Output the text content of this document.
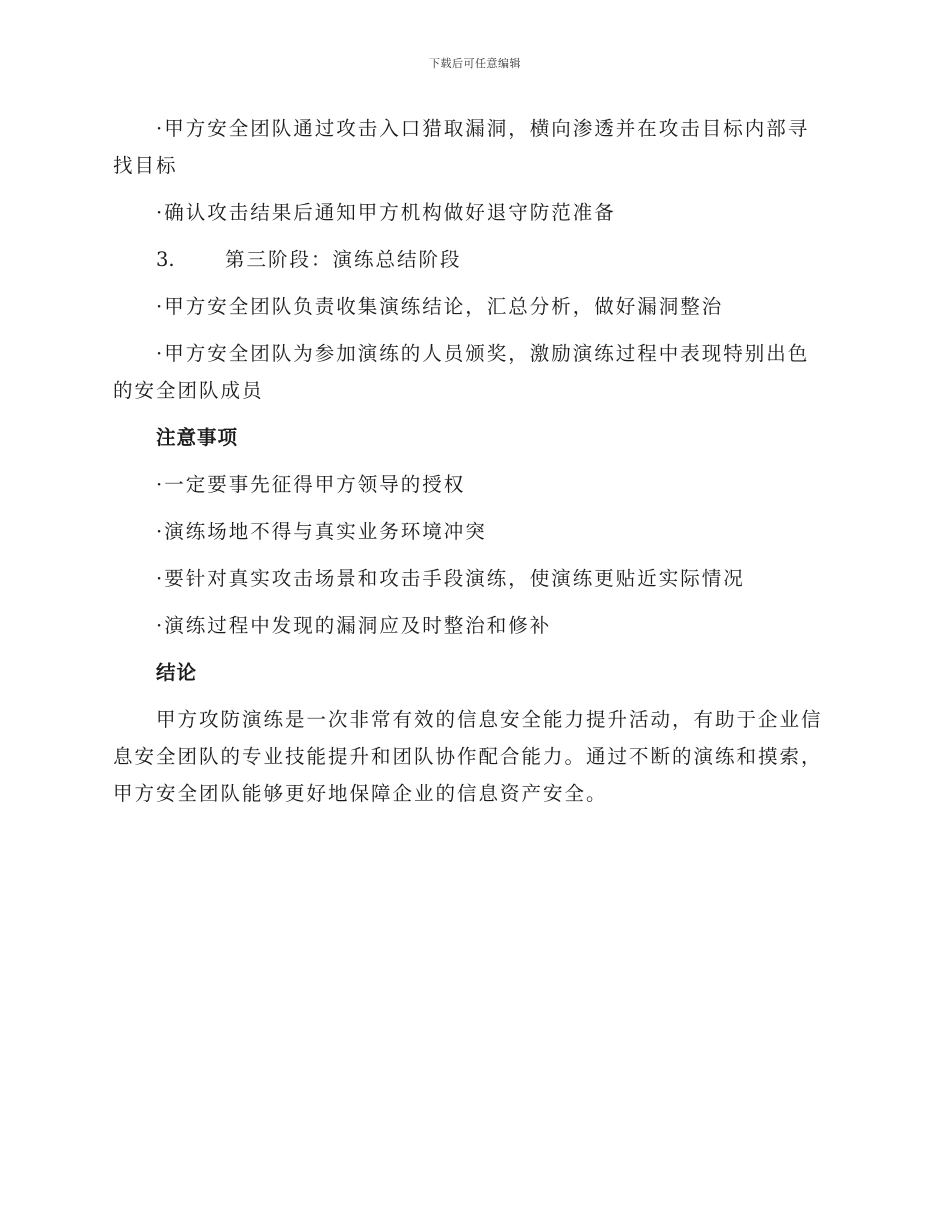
下载后可任意编辑
·甲方安全团队通过攻击入口猎取漏洞，横向渗透并在攻击目标内部寻找目标
·确认攻击结果后通知甲方机构做好退守防范准备
3.	第三阶段：演练总结阶段
·甲方安全团队负责收集演练结论，汇总分析，做好漏洞整治
·甲方安全团队为参加演练的人员颁奖，激励演练过程中表现特别出色的安全团队成员
注意事项
·一定要事先征得甲方领导的授权
·演练场地不得与真实业务环境冲突
·要针对真实攻击场景和攻击手段演练，使演练更贴近实际情况
·演练过程中发现的漏洞应及时整治和修补
结论
甲方攻防演练是一次非常有效的信息安全能力提升活动，有助于企业信息安全团队的专业技能提升和团队协作配合能力。通过不断的演练和摸索，甲方安全团队能够更好地保障企业的信息资产安全。
